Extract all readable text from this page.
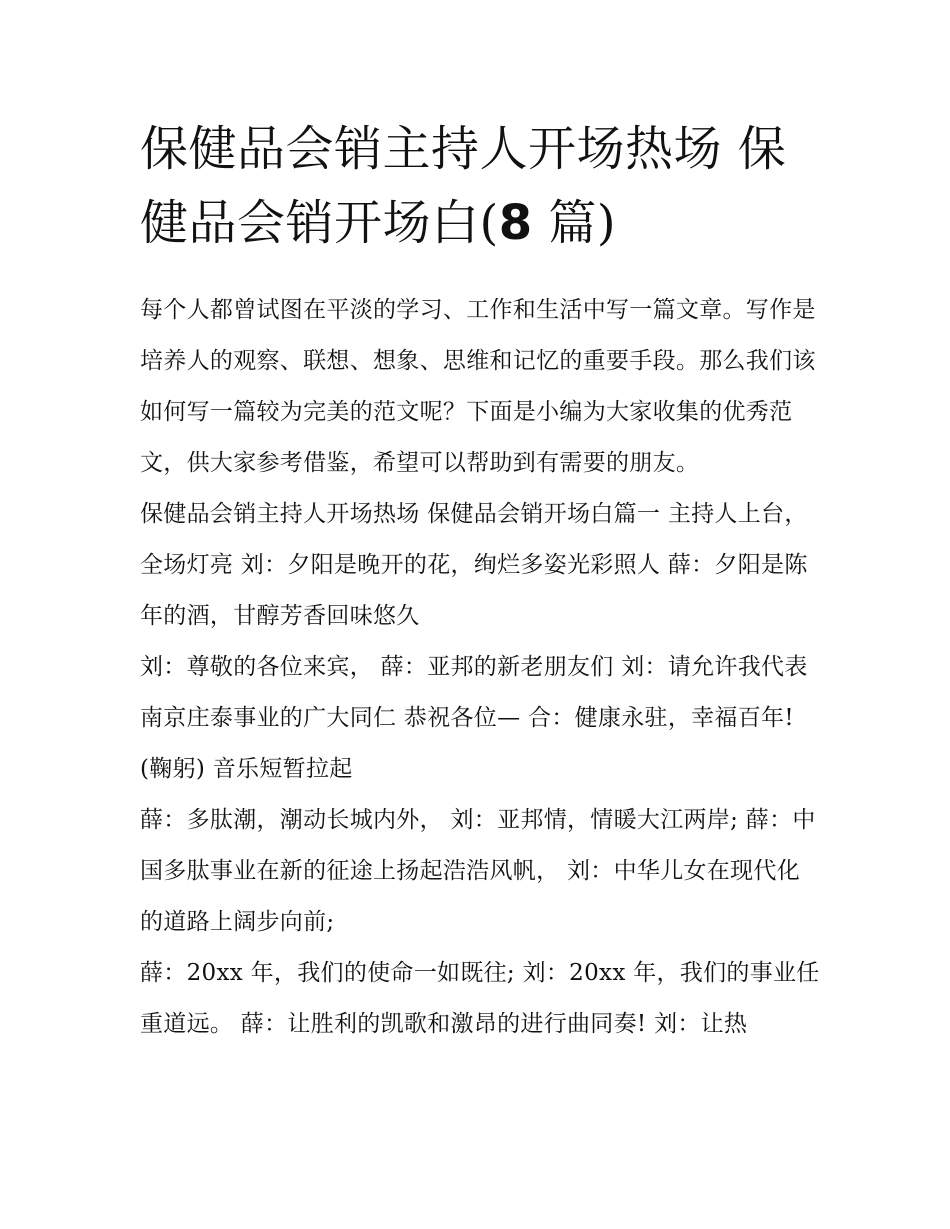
保健品会销主持人开场热场 保健品会销开场白(8 篇)

每个人都曾试图在平淡的学习、工作和生活中写一篇文章。写作是培养人的观察、联想、想象、思维和记忆的重要手段。那么我们该如何写一篇较为完美的范文呢？下面是小编为大家收集的优秀范文，供大家参考借鉴，希望可以帮助到有需要的朋友。

保健品会销主持人开场热场 保健品会销开场白篇一 主持人上台，全场灯亮 刘：夕阳是晚开的花，绚烂多姿光彩照人 薛：夕阳是陈年的酒，甘醇芳香回味悠久

刘：尊敬的各位来宾， 薛：亚邦的新老朋友们 刘：请允许我代表南京庄泰事业的广大同仁 恭祝各位— 合：健康永驻，幸福百年!(鞠躬) 音乐短暂拉起

薛：多肽潮，潮动长城内外， 刘：亚邦情，情暖大江两岸; 薛：中国多肽事业在新的征途上扬起浩浩风帆， 刘：中华儿女在现代化的道路上阔步向前;

薛：20xx 年，我们的使命一如既往; 刘：20xx 年，我们的事业任重道远。 薛：让胜利的凯歌和激昂的进行曲同奏! 刘：让热
